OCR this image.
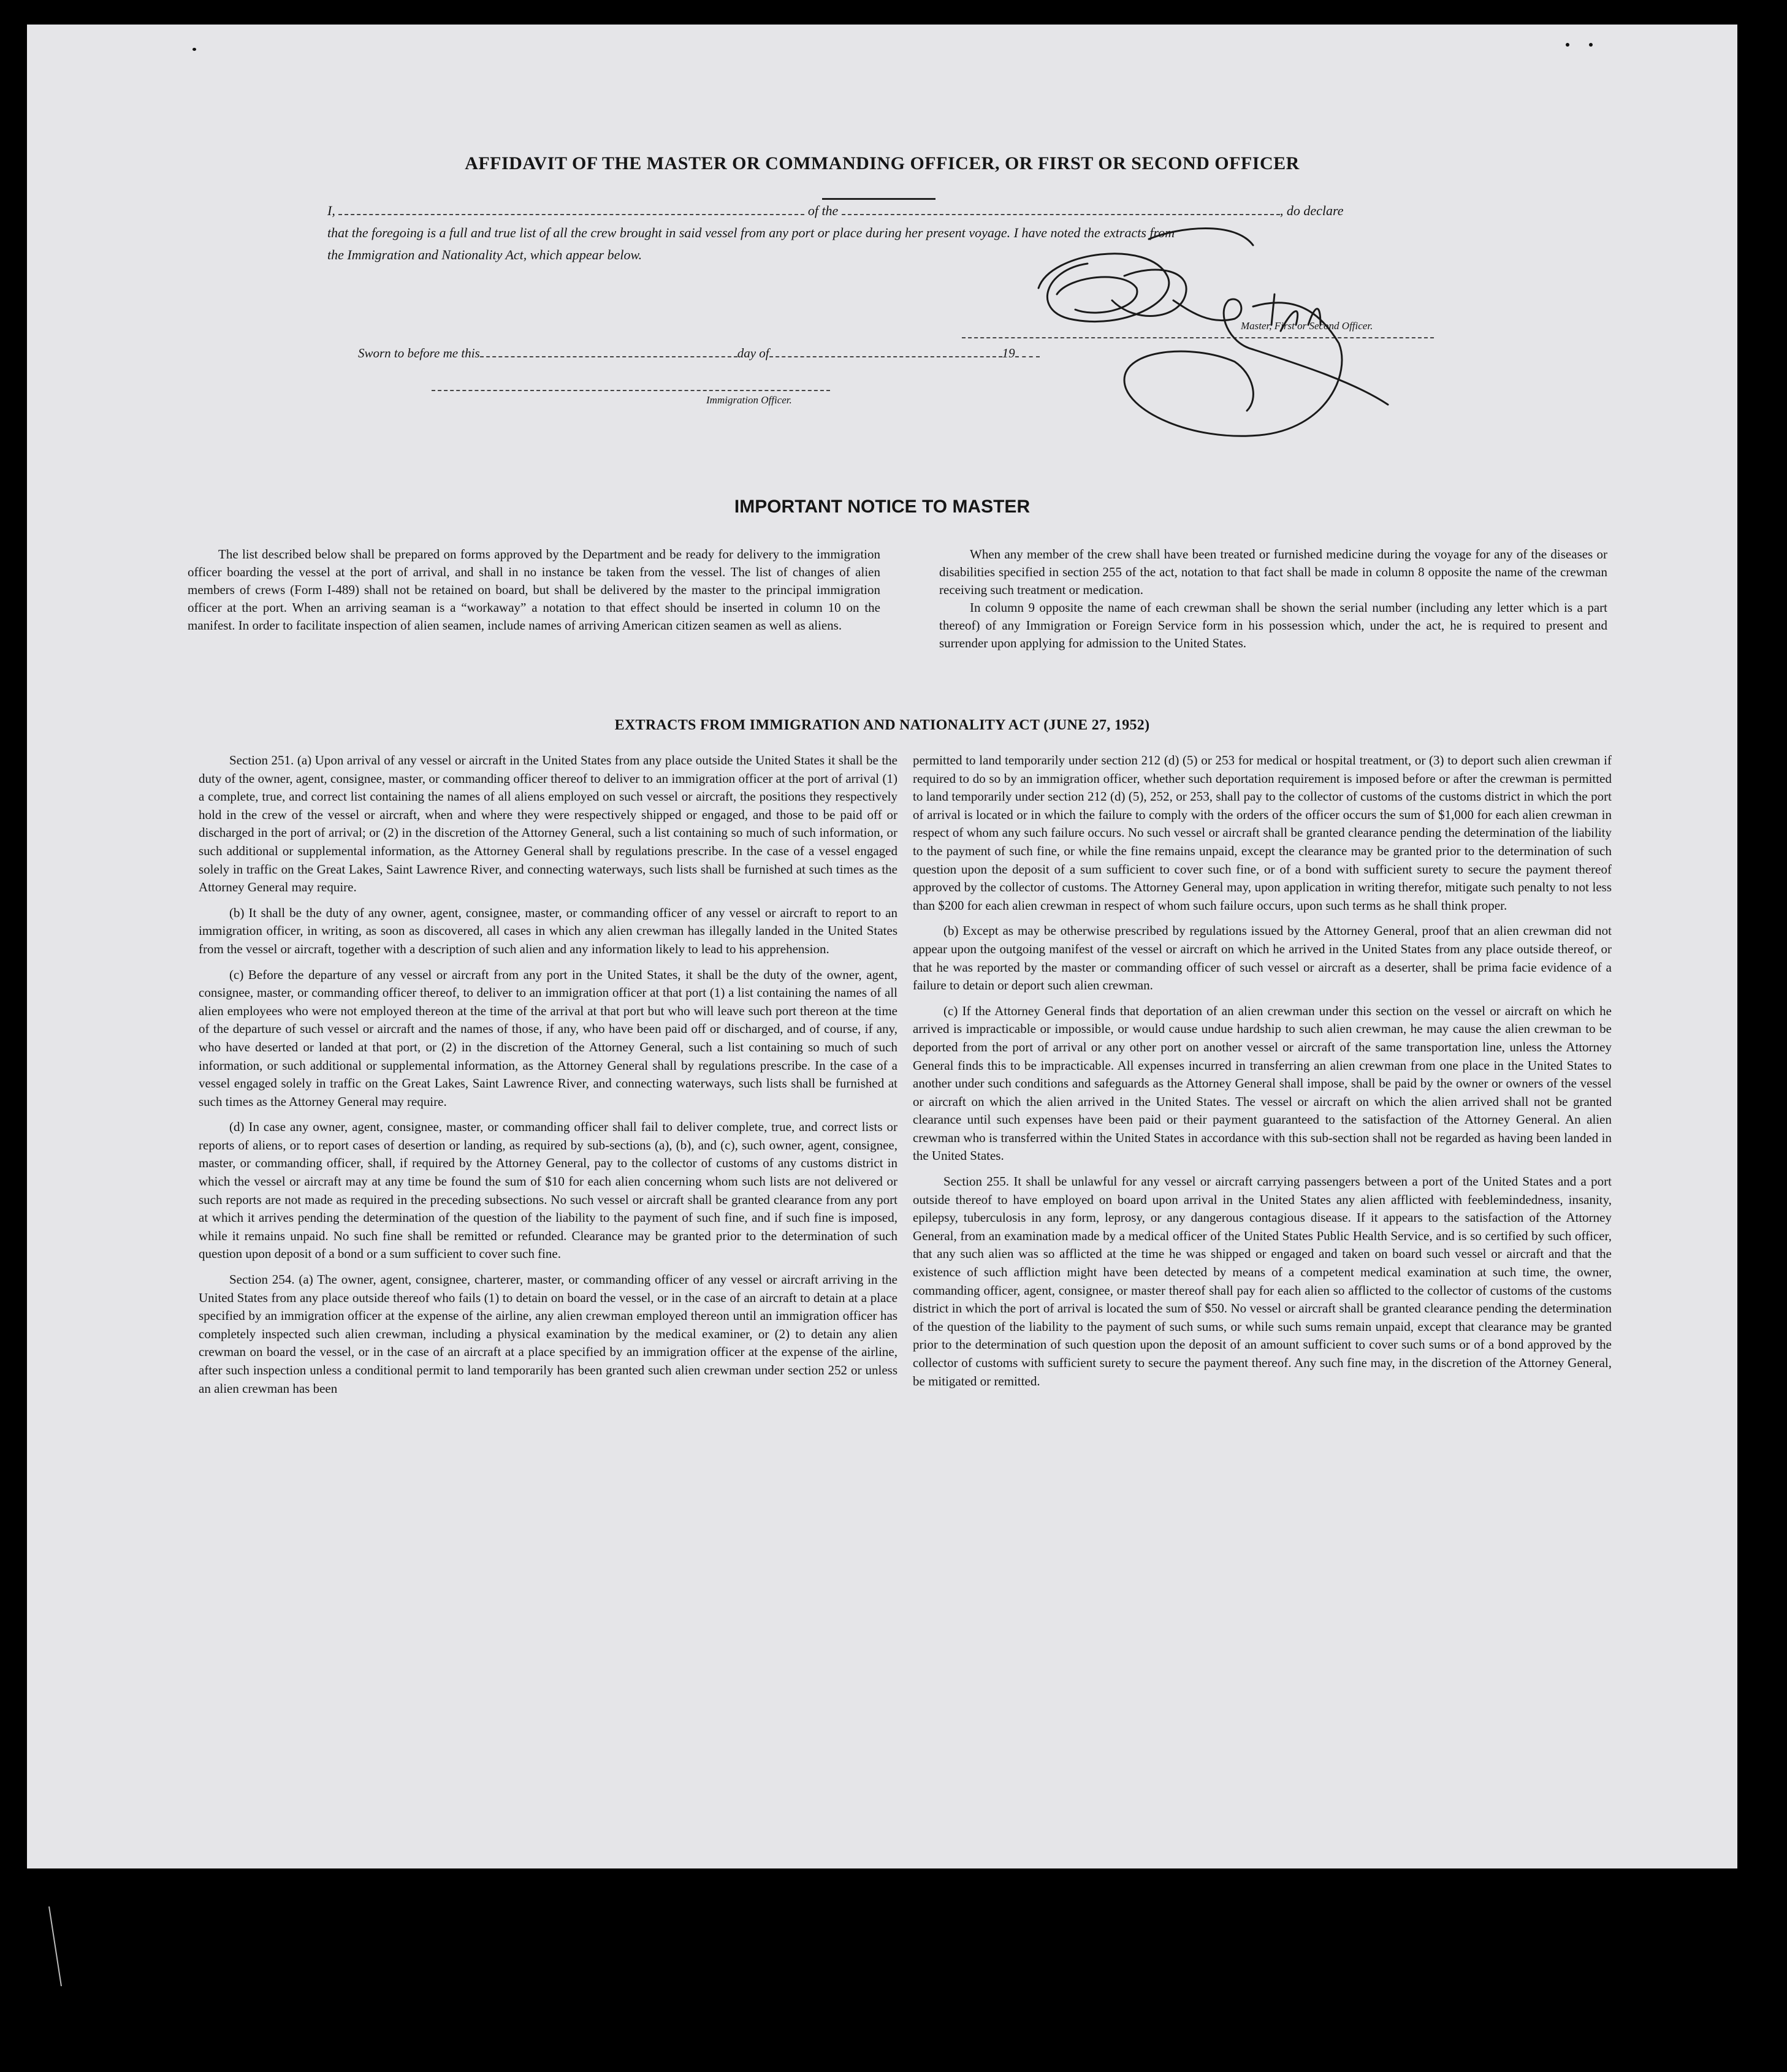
AFFIDAVIT OF THE MASTER OR COMMANDING OFFICER, OR FIRST OR SECOND OFFICER
I,	of the	, do declare
that the foregoing is a full and true list of all the crew brought in said vessel from any port or place during her present voyage. I have noted the extracts from
the Immigration and Nationality Act, which appear below.
Master, First or Second Officer.
Sworn to before me this	day of	19
Immigration Officer.
IMPORTANT NOTICE TO MASTER

The list described below shall be prepared on forms approved by the Department and be ready for delivery to the immigration officer boarding the vessel at the port of arrival, and shall in no instance be taken from the vessel. The list of changes of alien members of crews (Form I-489) shall not be retained on board, but shall be delivered by the master to the principal immigration officer at the port. When an arriving seaman is a “workaway” a notation to that effect should be inserted in column 10 on the manifest. In order to facilitate inspection of alien seamen, include names of arriving American citizen seamen as well as aliens.

When any member of the crew shall have been treated or furnished medicine during the voyage for any of the diseases or disabilities specified in section 255 of the act, notation to that fact shall be made in column 8 opposite the name of the crewman receiving such treatment or medication.

In column 9 opposite the name of each crewman shall be shown the serial number (including any letter which is a part thereof) of any Immigration or Foreign Service form in his possession which, under the act, he is required to present and surrender upon applying for admission to the United States.

EXTRACTS FROM IMMIGRATION AND NATIONALITY ACT (JUNE 27, 1952)

Section 251. (a) Upon arrival of any vessel or aircraft in the United States from any place outside the United States it shall be the duty of the owner, agent, consignee, master, or commanding officer thereof to deliver to an immigration officer at the port of arrival (1) a complete, true, and correct list containing the names of all aliens employed on such vessel or aircraft, the positions they respectively hold in the crew of the vessel or aircraft, when and where they were respectively shipped or engaged, and those to be paid off or discharged in the port of arrival; or (2) in the discretion of the Attorney General, such a list containing so much of such information, or such additional or supplemental information, as the Attorney General shall by regulations prescribe. In the case of a vessel engaged solely in traffic on the Great Lakes, Saint Lawrence River, and connecting waterways, such lists shall be furnished at such times as the Attorney General may require.

(b) It shall be the duty of any owner, agent, consignee, master, or commanding officer of any vessel or aircraft to report to an immigration officer, in writing, as soon as discovered, all cases in which any alien crewman has illegally landed in the United States from the vessel or aircraft, together with a description of such alien and any information likely to lead to his apprehension.

(c) Before the departure of any vessel or aircraft from any port in the United States, it shall be the duty of the owner, agent, consignee, master, or commanding officer thereof, to deliver to an immigration officer at that port (1) a list containing the names of all alien employees who were not employed thereon at the time of the arrival at that port but who will leave such port thereon at the time of the departure of such vessel or aircraft and the names of those, if any, who have been paid off or discharged, and of course, if any, who have deserted or landed at that port, or (2) in the discretion of the Attorney General, such a list containing so much of such information, or such additional or supplemental information, as the Attorney General shall by regulations prescribe. In the case of a vessel engaged solely in traffic on the Great Lakes, Saint Lawrence River, and connecting waterways, such lists shall be furnished at such times as the Attorney General may require.

(d) In case any owner, agent, consignee, master, or commanding officer shall fail to deliver complete, true, and correct lists or reports of aliens, or to report cases of desertion or landing, as required by sub-sections (a), (b), and (c), such owner, agent, consignee, master, or commanding officer, shall, if required by the Attorney General, pay to the collector of customs of any customs district in which the vessel or aircraft may at any time be found the sum of $10 for each alien concerning whom such lists are not delivered or such reports are not made as required in the preceding subsections. No such vessel or aircraft shall be granted clearance from any port at which it arrives pending the determination of the question of the liability to the payment of such fine, and if such fine is imposed, while it remains unpaid. No such fine shall be remitted or refunded. Clearance may be granted prior to the determination of such question upon deposit of a bond or a sum sufficient to cover such fine.

Section 254. (a) The owner, agent, consignee, charterer, master, or commanding officer of any vessel or aircraft arriving in the United States from any place outside thereof who fails (1) to detain on board the vessel, or in the case of an aircraft to detain at a place specified by an immigration officer at the expense of the airline, any alien crewman employed thereon until an immigration officer has completely inspected such alien crewman, including a physical examination by the medical examiner, or (2) to detain any alien crewman on board the vessel, or in the case of an aircraft at a place specified by an immigration officer at the expense of the airline, after such inspection unless a conditional permit to land temporarily has been granted such alien crewman under section 252 or unless an alien crewman has been

permitted to land temporarily under section 212 (d) (5) or 253 for medical or hospital treatment, or (3) to deport such alien crewman if required to do so by an immigration officer, whether such deportation requirement is imposed before or after the crewman is permitted to land temporarily under section 212 (d) (5), 252, or 253, shall pay to the collector of customs of the customs district in which the port of arrival is located or in which the failure to comply with the orders of the officer occurs the sum of $1,000 for each alien crewman in respect of whom any such failure occurs. No such vessel or aircraft shall be granted clearance pending the determination of the liability to the payment of such fine, or while the fine remains unpaid, except the clearance may be granted prior to the determination of such question upon the deposit of a sum sufficient to cover such fine, or of a bond with sufficient surety to secure the payment thereof approved by the collector of customs. The Attorney General may, upon application in writing therefor, mitigate such penalty to not less than $200 for each alien crewman in respect of whom such failure occurs, upon such terms as he shall think proper.

(b) Except as may be otherwise prescribed by regulations issued by the Attorney General, proof that an alien crewman did not appear upon the outgoing manifest of the vessel or aircraft on which he arrived in the United States from any place outside thereof, or that he was reported by the master or commanding officer of such vessel or aircraft as a deserter, shall be prima facie evidence of a failure to detain or deport such alien crewman.

(c) If the Attorney General finds that deportation of an alien crewman under this section on the vessel or aircraft on which he arrived is impracticable or impossible, or would cause undue hardship to such alien crewman, he may cause the alien crewman to be deported from the port of arrival or any other port on another vessel or aircraft of the same transportation line, unless the Attorney General finds this to be impracticable. All expenses incurred in transferring an alien crewman from one place in the United States to another under such conditions and safeguards as the Attorney General shall impose, shall be paid by the owner or owners of the vessel or aircraft on which the alien arrived in the United States. The vessel or aircraft on which the alien arrived shall not be granted clearance until such expenses have been paid or their payment guaranteed to the satisfaction of the Attorney General. An alien crewman who is transferred within the United States in accordance with this sub-section shall not be regarded as having been landed in the United States.

Section 255. It shall be unlawful for any vessel or aircraft carrying passengers between a port of the United States and a port outside thereof to have employed on board upon arrival in the United States any alien afflicted with feeblemindedness, insanity, epilepsy, tuberculosis in any form, leprosy, or any dangerous contagious disease. If it appears to the satisfaction of the Attorney General, from an examination made by a medical officer of the United States Public Health Service, and is so certified by such officer, that any such alien was so afflicted at the time he was shipped or engaged and taken on board such vessel or aircraft and that the existence of such affliction might have been detected by means of a competent medical examination at such time, the owner, commanding officer, agent, consignee, or master thereof shall pay for each alien so afflicted to the collector of customs of the customs district in which the port of arrival is located the sum of $50. No vessel or aircraft shall be granted clearance pending the determination of the question of the liability to the payment of such sums, or while such sums remain unpaid, except that clearance may be granted prior to the determination of such question upon the deposit of an amount sufficient to cover such sums or of a bond approved by the collector of customs with sufficient surety to secure the payment thereof. Any such fine may, in the discretion of the Attorney General, be mitigated or remitted.
